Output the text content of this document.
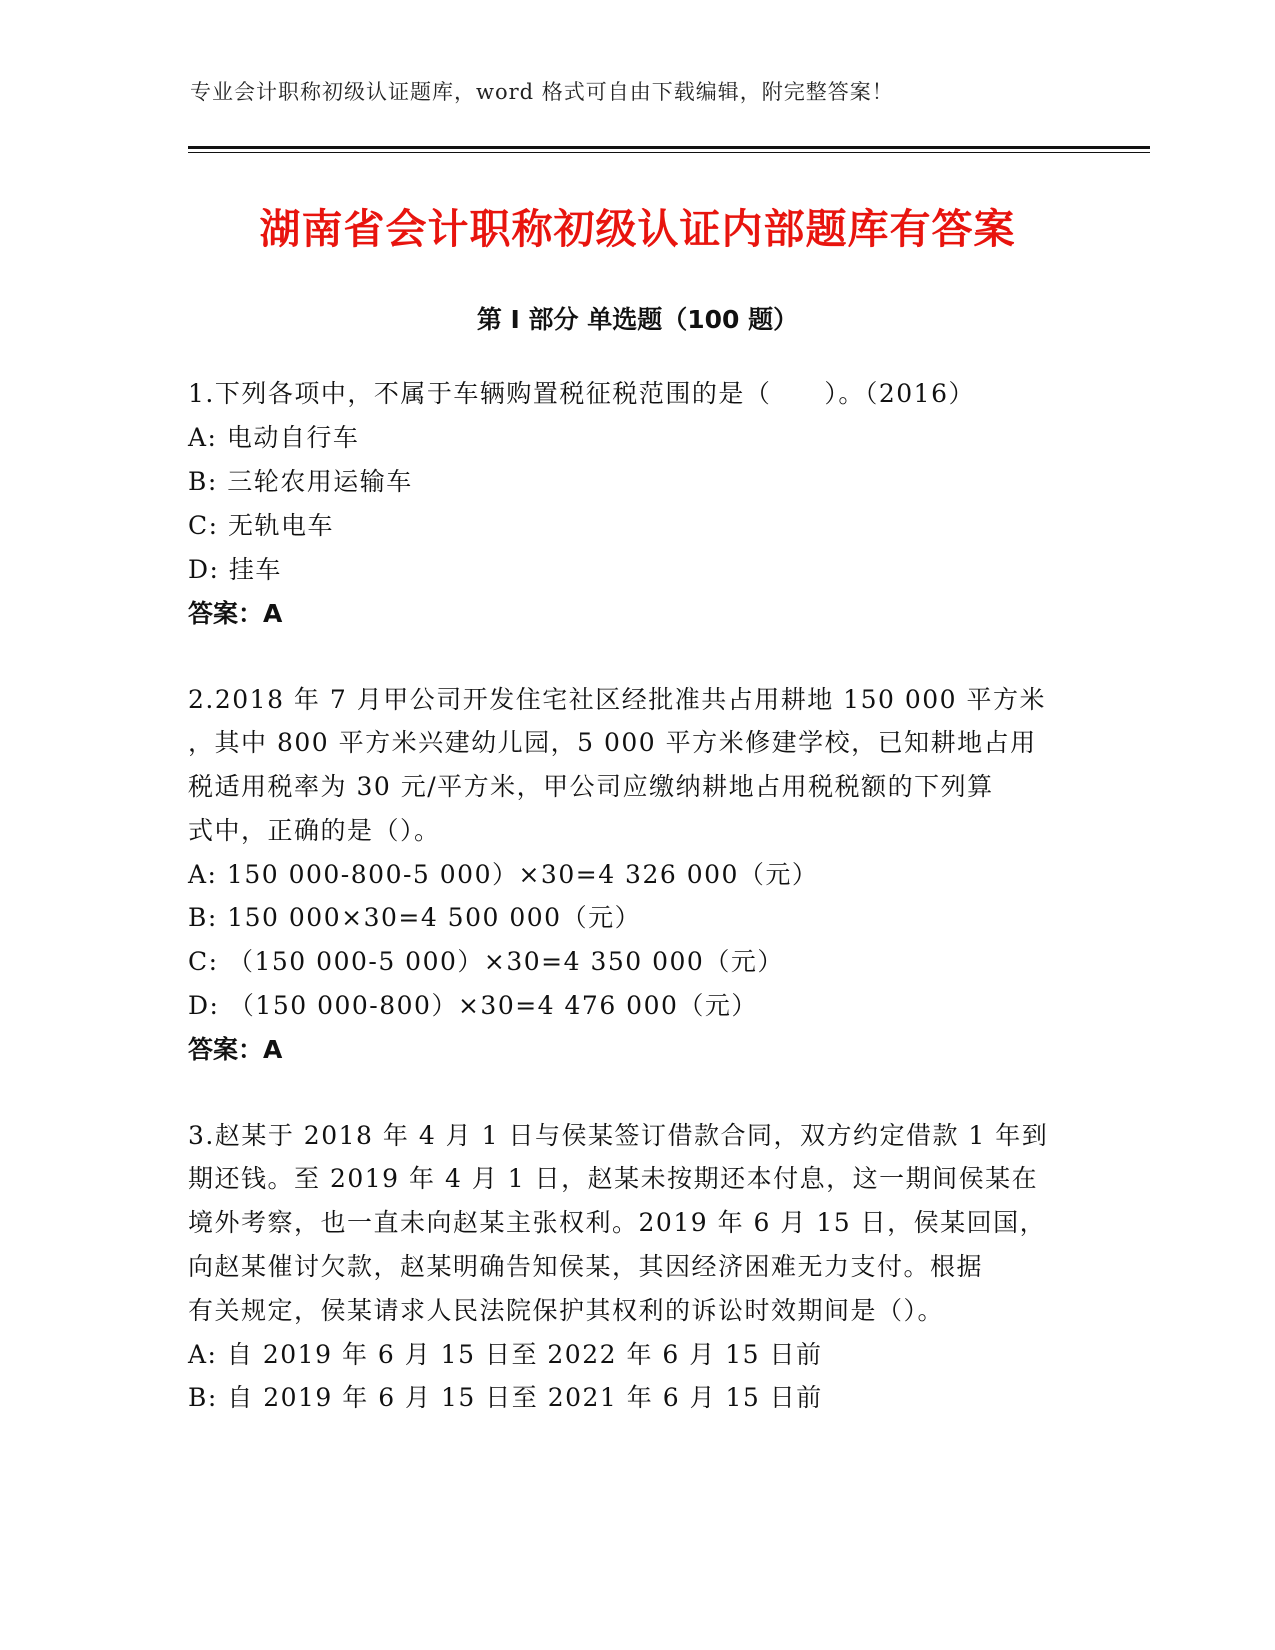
专业会计职称初级认证题库，word 格式可自由下载编辑，附完整答案！
湖南省会计职称初级认证内部题库有答案
第 I 部分 单选题（100 题）
1.下列各项中，不属于车辆购置税征税范围的是（　　）。（2016）
A: 电动自行车
B: 三轮农用运输车
C: 无轨电车
D: 挂车
答案：A
2.2018 年 7 月甲公司开发住宅社区经批准共占用耕地 150 000 平方米
，其中 800 平方米兴建幼儿园，5 000 平方米修建学校，已知耕地占用
税适用税率为 30 元/平方米，甲公司应缴纳耕地占用税税额的下列算
式中，正确的是（）。
A: 150 000-800-5 000）×30=4 326 000（元）
B: 150 000×30=4 500 000（元）
C: （150 000-5 000）×30=4 350 000（元）
D: （150 000-800）×30=4 476 000（元）
答案：A
3.赵某于 2018 年 4 月 1 日与侯某签订借款合同，双方约定借款 1 年到
期还钱。至 2019 年 4 月 1 日，赵某未按期还本付息，这一期间侯某在
境外考察，也一直未向赵某主张权利。2019 年 6 月 15 日，侯某回国，
向赵某催讨欠款，赵某明确告知侯某，其因经济困难无力支付。根据
有关规定，侯某请求人民法院保护其权利的诉讼时效期间是（）。
A: 自 2019 年 6 月 15 日至 2022 年 6 月 15 日前
B: 自 2019 年 6 月 15 日至 2021 年 6 月 15 日前
